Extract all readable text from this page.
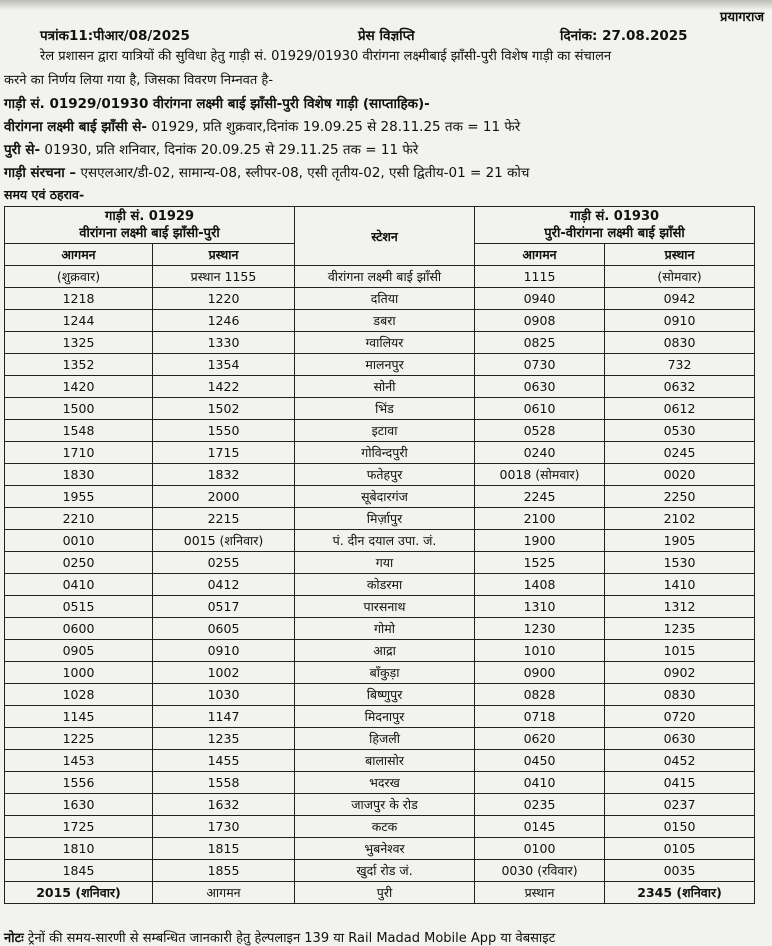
प्रयागराज
पत्रांक11:पीआर/08/2025	प्रेस विज्ञप्ति	दिनांक: 27.08.2025
रेल प्रशासन द्वारा यात्रियों की सुविधा हेतु गाड़ी सं. 01929/01930 वीरांगना लक्ष्मीबाई झाँसी-पुरी विशेष गाड़ी का संचालन
करने का निर्णय लिया गया है, जिसका विवरण निम्नवत है-
गाड़ी सं. 01929/01930 वीरांगना लक्ष्मी बाई झाँसी-पुरी विशेष गाड़ी (साप्ताहिक)-
वीरांगना लक्ष्मी बाई झाँसी से- 01929, प्रति शुक्रवार,दिनांक 19.09.25 से 28.11.25 तक = 11 फेरे
पुरी से- 01930, प्रति शनिवार, दिनांक 20.09.25 से 29.11.25 तक = 11 फेरे
गाड़ी संरचना – एसएलआर/डी-02, सामान्य-08, स्लीपर-08, एसी तृतीय-02, एसी द्वितीय-01 = 21 कोच
समय एवं ठहराव-
गाड़ी सं. 01929
वीरांगना लक्ष्मी बाई झाँसी-पुरी		स्टेशन	गाड़ी सं. 01930
पुरी-वीरांगना लक्ष्मी बाई झाँसी	
आगमन	प्रस्थान		आगमन	प्रस्थान
(शुक्रवार)	प्रस्थान 1155	वीरांगना लक्ष्मी बाई झाँसी	1115	(सोमवार)
1218	1220	दतिया	0940	0942
1244	1246	डबरा	0908	0910
1325	1330	ग्वालियर	0825	0830
1352	1354	मालनपुर	0730	732
1420	1422	सोनी	0630	0632
1500	1502	भिंड	0610	0612
1548	1550	इटावा	0528	0530
1710	1715	गोविन्दपुरी	0240	0245
1830	1832	फतेहपुर	0018 (सोमवार)	0020
1955	2000	सूबेदारगंज	2245	2250
2210	2215	मिर्ज़ापुर	2100	2102
0010	0015 (शनिवार)	पं. दीन दयाल उपा. जं.	1900	1905
0250	0255	गया	1525	1530
0410	0412	कोडरमा	1408	1410
0515	0517	पारसनाथ	1310	1312
0600	0605	गोमो	1230	1235
0905	0910	आद्रा	1010	1015
1000	1002	बाँकुड़ा	0900	0902
1028	1030	बिष्णुपुर	0828	0830
1145	1147	मिदनापुर	0718	0720
1225	1235	हिजली	0620	0630
1453	1455	बालासोर	0450	0452
1556	1558	भदरख	0410	0415
1630	1632	जाजपुर के रोड	0235	0237
1725	1730	कटक	0145	0150
1810	1815	भुबनेश्वर	0100	0105
1845	1855	खुर्दा रोड जं.	0030 (रविवार)	0035
2015 (शनिवार)	आगमन	पुरी	प्रस्थान	2345 (शनिवार)
नोटः ट्रेनों की समय-सारणी से सम्बन्धित जानकारी हेतु हेल्पलाइन 139 या Rail Madad Mobile App या वेबसाइट
